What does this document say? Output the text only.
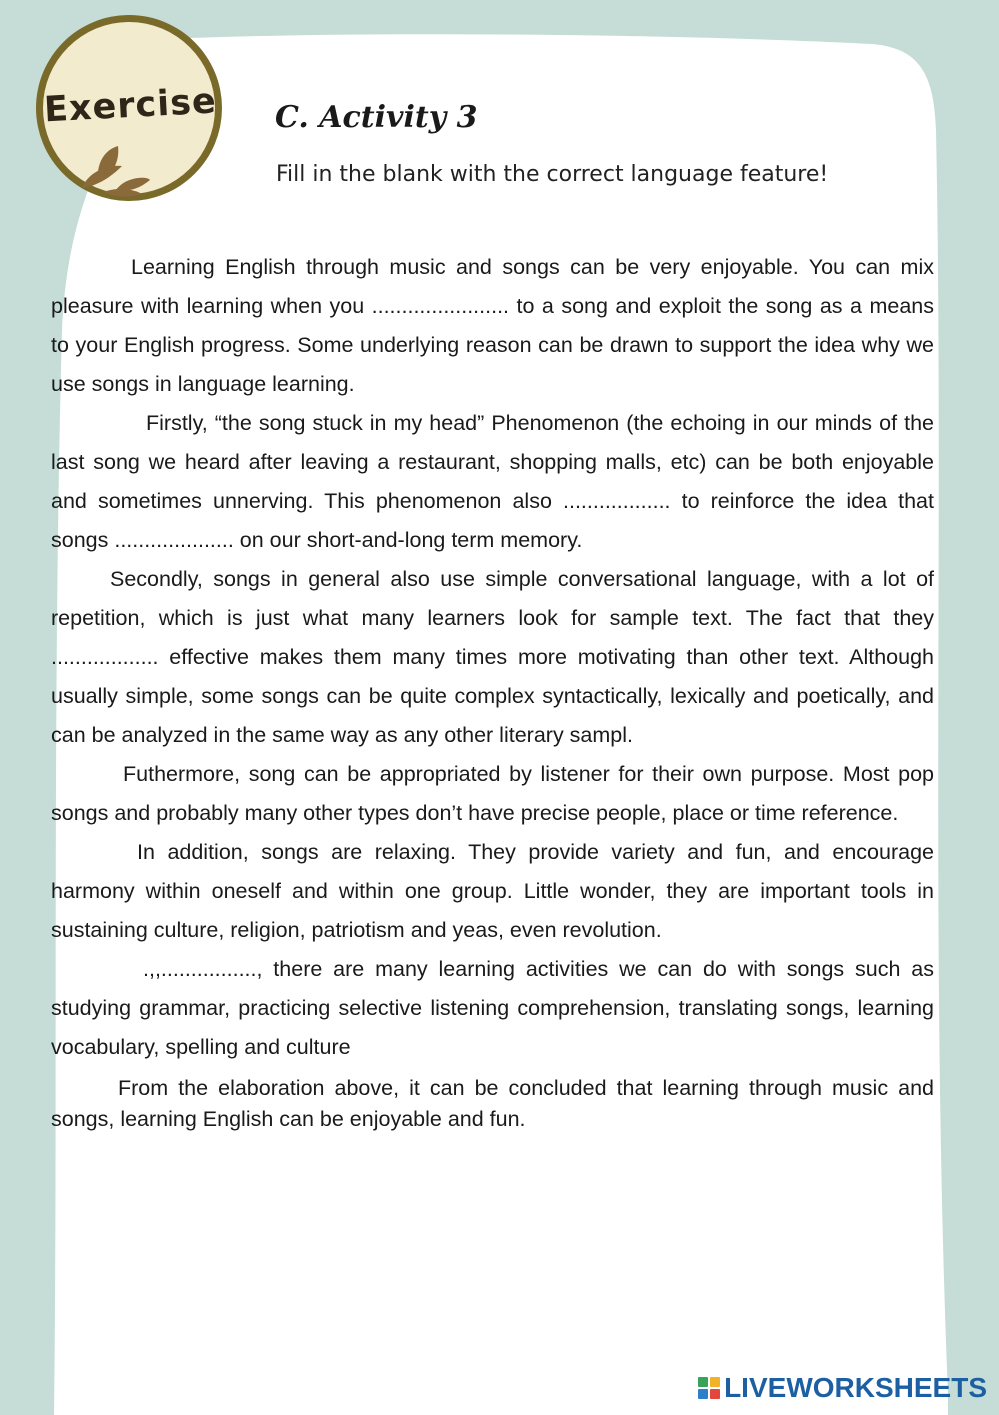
Exercise C. Activity 3

Fill in the blank with the correct language feature!

Learning English through music and songs can be very enjoyable. You can mix pleasure with learning when you ....................... to a song and exploit the song as a means to your English progress. Some underlying reason can be drawn to support the idea why we use songs in language learning.

Firstly, “the song stuck in my head” Phenomenon (the echoing in our minds of the last song we heard after leaving a restaurant, shopping malls, etc) can be both enjoyable and sometimes unnerving. This phenomenon also .................. to reinforce the idea that songs .................... on our short-and-long term memory.

Secondly, songs in general also use simple conversational language, with a lot of repetition, which is just what many learners look for sample text. The fact that they .................. effective makes them many times more motivating than other text. Although usually simple, some songs can be quite complex syntactically, lexically and poetically, and can be analyzed in the same way as any other literary sampl.

Futhermore, song can be appropriated by listener for their own purpose. Most pop songs and probably many other types don’t have precise people, place or time reference.

In addition, songs are relaxing. They provide variety and fun, and encourage harmony within oneself and within one group. Little wonder, they are important tools in sustaining culture, religion, patriotism and yeas, even revolution.

.,,................, there are many learning activities we can do with songs such as studying grammar, practicing selective listening comprehension, translating songs, learning vocabulary, spelling and culture

From the elaboration above, it can be concluded that learning through music and songs, learning English can be enjoyable and fun.

LIVEWORKSHEETS
